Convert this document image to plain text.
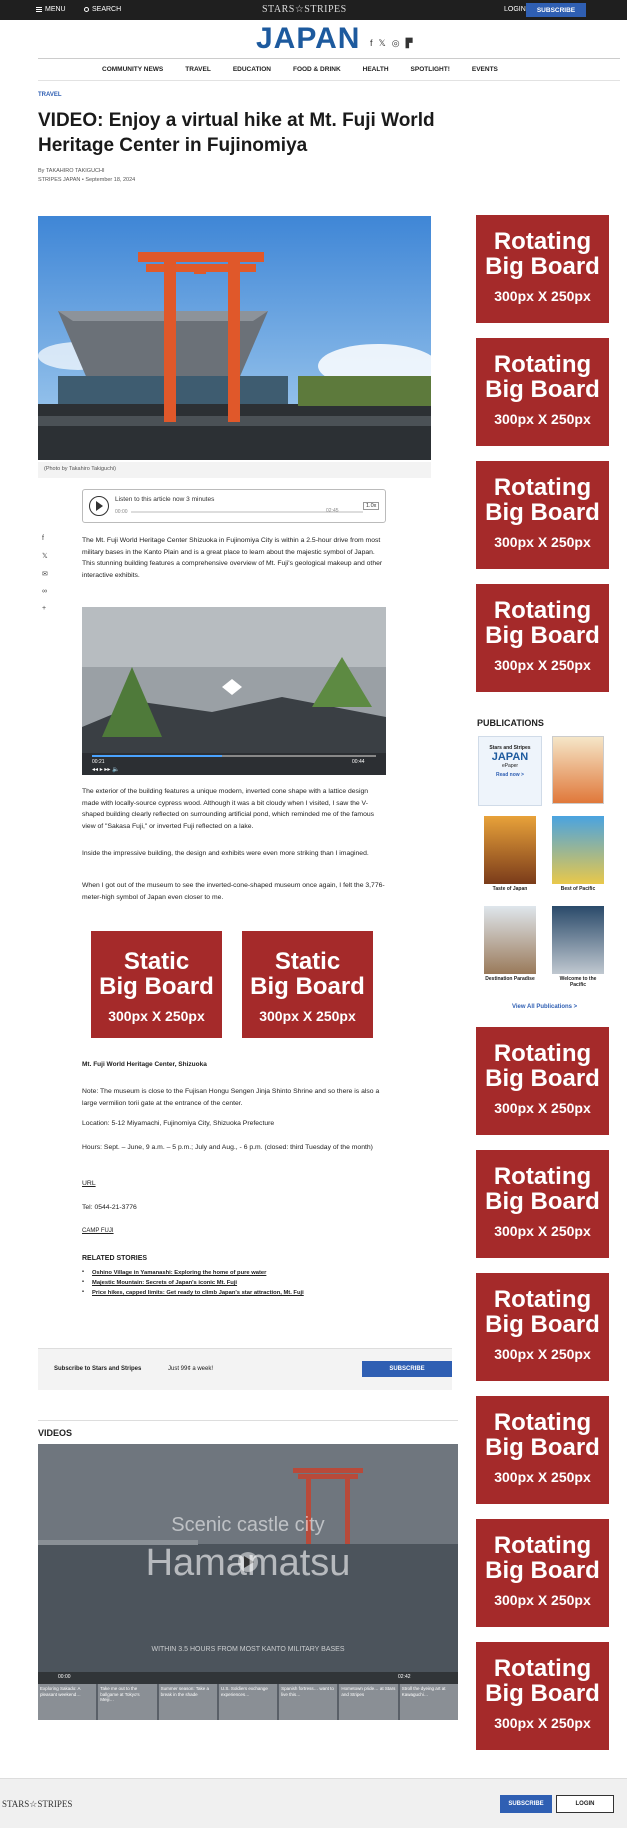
MENU	SEARCH	STARS☆STRIPES	LOGIN	SUBSCRIBE
JAPAN f 𝕏 ◎ ▛
COMMUNITY NEWS	TRAVEL	EDUCATION	FOOD & DRINK	HEALTH	SPOTLIGHT!	EVENTS
TRAVEL
VIDEO: Enjoy a virtual hike at Mt. Fuji World Heritage Center in Fujinomiya
By TAKAHIRO TAKIGUCHI
STRIPES JAPAN • September 18, 2024
(Photo by Takahiro Takiguchi)
Listen to this article now 3 minutes
00:00	02:45
1.0x
f
𝕏
✉
∞
+

The Mt. Fuji World Heritage Center Shizuoka in Fujinomiya City is within a 2.5-hour drive from most military bases in the Kanto Plain and is a great place to learn about the majestic symbol of Japan. This stunning building features a comprehensive overview of Mt. Fuji's geological makeup and other interactive exhibits.

00:21	00:44
◂◂ ▸ ▸▸ 🔈

The exterior of the building features a unique modern, inverted cone shape with a lattice design made with locally-source cypress wood. Although it was a bit cloudy when I visited, I saw the V-shaped building clearly reflected on surrounding artificial pond, which reminded me of the famous view of "Sakasa Fuji," or inverted Fuji reflected on a lake.

Inside the impressive building, the design and exhibits were even more striking than I imagined.

When I got out of the museum to see the inverted-cone-shaped museum once again, I felt the 3,776-meter-high symbol of Japan even closer to me.

Static
Big Board
300px X 250px
Static
Big Board
300px X 250px
Mt. Fuji World Heritage Center, Shizuoka

Note: The museum is close to the Fujisan Hongu Sengen Jinja Shinto Shrine and so there is also a large vermilion torii gate at the entrance of the center.

Location: 5-12 Miyamachi, Fujinomiya City, Shizuoka Prefecture

Hours: Sept. – June, 9 a.m. – 5 p.m.; July and Aug., - 6 p.m. (closed: third Tuesday of the month)

URL

Tel: 0544-21-3776

CAMP FUJI

RELATED STORIES
• Oshino Village in Yamanashi: Exploring the home of pure water
• Majestic Mountain: Secrets of Japan's iconic Mt. Fuji
• Price hikes, capped limits: Get ready to climb Japan's star attraction, Mt. Fuji
Subscribe to Stars and Stripes	Just 99¢ a week!	SUBSCRIBE
VIDEOS
Scenic castle city
Hamamatsu
WITHIN 3.5 HOURS FROM MOST KANTO MILITARY BASES
00:00	02:42
Exploring Sakado: A pleasant weekend…
Take me out to the ballgame at Tokyo's Meiji…
Summer season: Take a break in the shade
U.S. Soldiers exchange experiences…
Spanish fortress… want to live this…
Hometown pride… at Stars and Stripes
Stroll the dyeing art at Kawaguchi…
Rotating
Big Board
300px X 250px
Rotating
Big Board
300px X 250px
Rotating
Big Board
300px X 250px
Rotating
Big Board
300px X 250px
PUBLICATIONS
Stars and Stripes
JAPAN
ePaper
Read now >
Taste of Japan	Best of Pacific
Destination Paradise	Welcome to the Pacific
View All Publications >
Rotating
Big Board
300px X 250px
Rotating
Big Board
300px X 250px
Rotating
Big Board
300px X 250px
Rotating
Big Board
300px X 250px
Rotating
Big Board
300px X 250px
Rotating
Big Board
300px X 250px
STARS☆STRIPES	SUBSCRIBE	LOGIN
